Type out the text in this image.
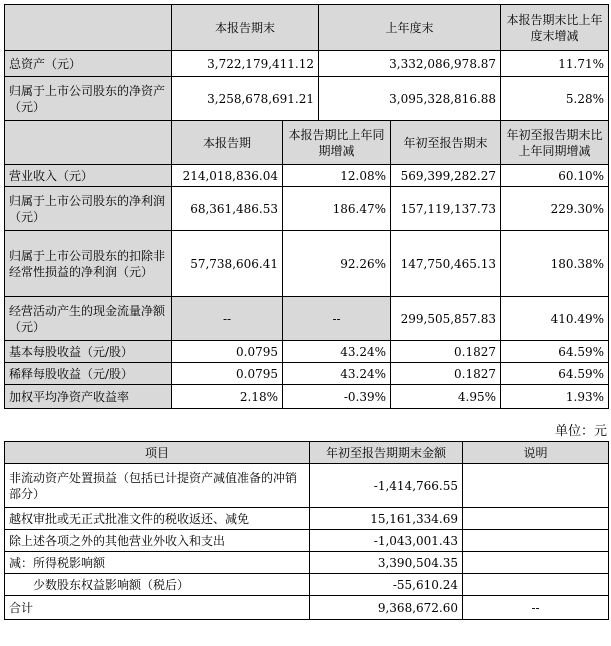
	本报告期末		上年度末		本报告期末比上年度末增减
总资产（元）	3,722,179,411.12		3,332,086,978.87		11.71%
归属于上市公司股东的净资产（元）	3,258,678,691.21		3,095,328,816.88		5.28%
	本报告期	本报告期比上年同期增减		年初至报告期末	年初至报告期末比上年同期增减
营业收入（元）	214,018,836.04	12.08%		569,399,282.27	60.10%
归属于上市公司股东的净利润（元）	68,361,486.53	186.47%		157,119,137.73	229.30%
归属于上市公司股东的扣除非经常性损益的净利润（元）	57,738,606.41	92.26%		147,750,465.13	180.38%
经营活动产生的现金流量净额（元）	--	--		299,505,857.83	410.49%
基本每股收益（元/股）	0.0795	43.24%		0.1827	64.59%
稀释每股收益（元/股）	0.0795	43.24%		0.1827	64.59%
加权平均净资产收益率	2.18%	-0.39%		4.95%	1.93%
单位：元
项目	年初至报告期期末金额	说明
非流动资产处置损益（包括已计提资产减值准备的冲销部分）	-1,414,766.55	
越权审批或无正式批准文件的税收返还、减免	15,161,334.69	
除上述各项之外的其他营业外收入和支出	-1,043,001.43	
减：所得税影响额	3,390,504.35	
少数股东权益影响额（税后）	-55,610.24	
合计	9,368,672.60	--
